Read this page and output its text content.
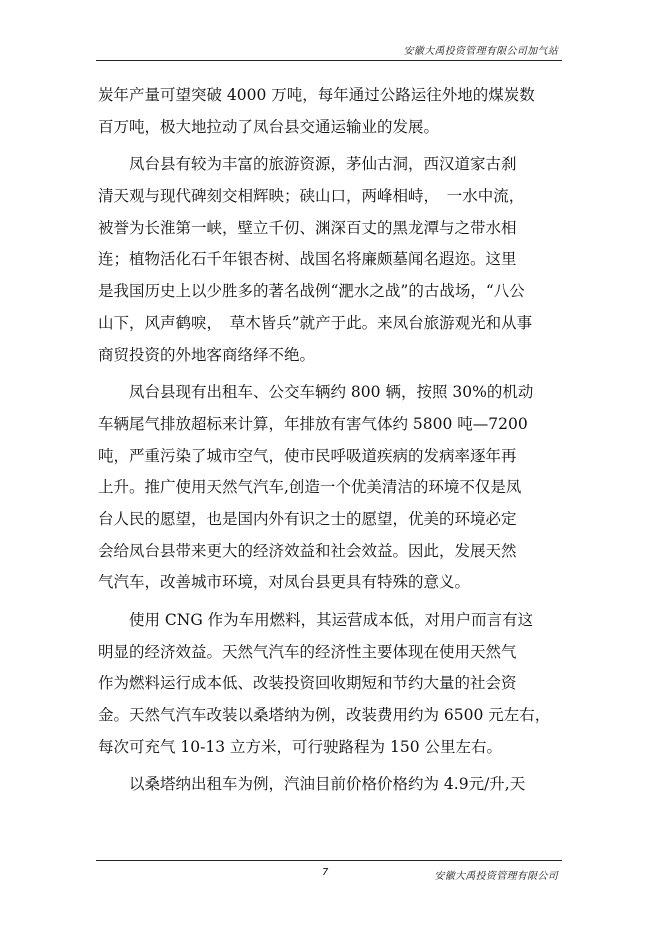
安徽大禹投资管理有限公司加气站

炭年产量可望突破 4000 万吨，每年通过公路运往外地的煤炭数
百万吨，极大地拉动了凤台县交通运输业的发展。

　　凤台县有较为丰富的旅游资源，茅仙古洞，西汉道家古刹
清天观与现代碑刻交相辉映；硖山口，两峰相峙，　一水中流，
被誉为长淮第一峡，壁立千仞、渊深百丈的黑龙潭与之带水相
连；植物活化石千年银杏树、战国名将廉颇墓闻名遐迩。这里
是我国历史上以少胜多的著名战例“淝水之战”的古战场，“八公
山下，风声鹤唳，　草木皆兵”就产于此。来凤台旅游观光和从事
商贸投资的外地客商络绎不绝。

　　凤台县现有出租车、公交车辆约 800 辆，按照 30%的机动
车辆尾气排放超标来计算，年排放有害气体约 5800 吨—7200
吨，严重污染了城市空气，使市民呼吸道疾病的发病率逐年再
上升。推广使用天然气汽车,创造一个优美清洁的环境不仅是凤
台人民的愿望，也是国内外有识之士的愿望，优美的环境必定
会给凤台县带来更大的经济效益和社会效益。因此，发展天然
气汽车，改善城市环境，对凤台县更具有特殊的意义。

　　使用 CNG 作为车用燃料，其运营成本低，对用户而言有这
明显的经济效益。天然气汽车的经济性主要体现在使用天然气
作为燃料运行成本低、改装投资回收期短和节约大量的社会资
金。天然气汽车改装以桑塔纳为例，改装费用约为 6500 元左右，
每次可充气 10-13 立方米，可行驶路程为 150 公里左右。

　　以桑塔纳出租车为例，汽油目前价格价格约为 4.9元/升,天

7	安徽大禹投资管理有限公司
